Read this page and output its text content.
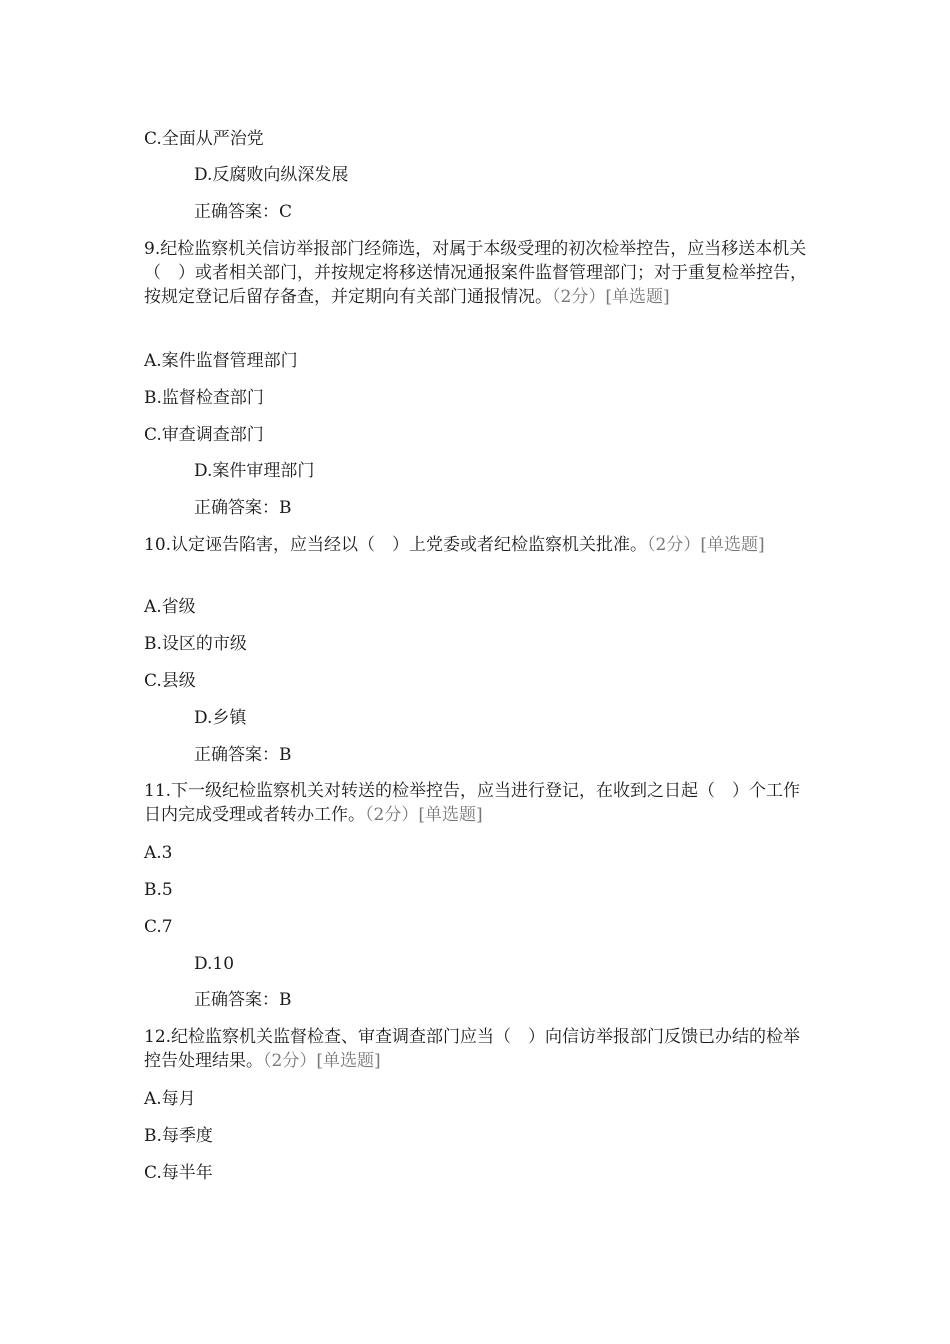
C.全面从严治党
D.反腐败向纵深发展
正确答案：C
9.纪检监察机关信访举报部门经筛选，对属于本级受理的初次检举控告，应当移送本机关（　）或者相关部门，并按规定将移送情况通报案件监督管理部门；对于重复检举控告，按规定登记后留存备查，并定期向有关部门通报情况。（2分）[单选题]
A.案件监督管理部门
B.监督检查部门
C.审查调查部门
D.案件审理部门
正确答案：B
10.认定诬告陷害，应当经以（　）上党委或者纪检监察机关批准。（2分）[单选题]
A.省级
B.设区的市级
C.县级
D.乡镇
正确答案：B
11.下一级纪检监察机关对转送的检举控告，应当进行登记，在收到之日起（　）个工作日内完成受理或者转办工作。（2分）[单选题]
A.3
B.5
C.7
D.10
正确答案：B
12.纪检监察机关监督检查、审查调查部门应当（　）向信访举报部门反馈已办结的检举控告处理结果。（2分）[单选题]
A.每月
B.每季度
C.每半年
